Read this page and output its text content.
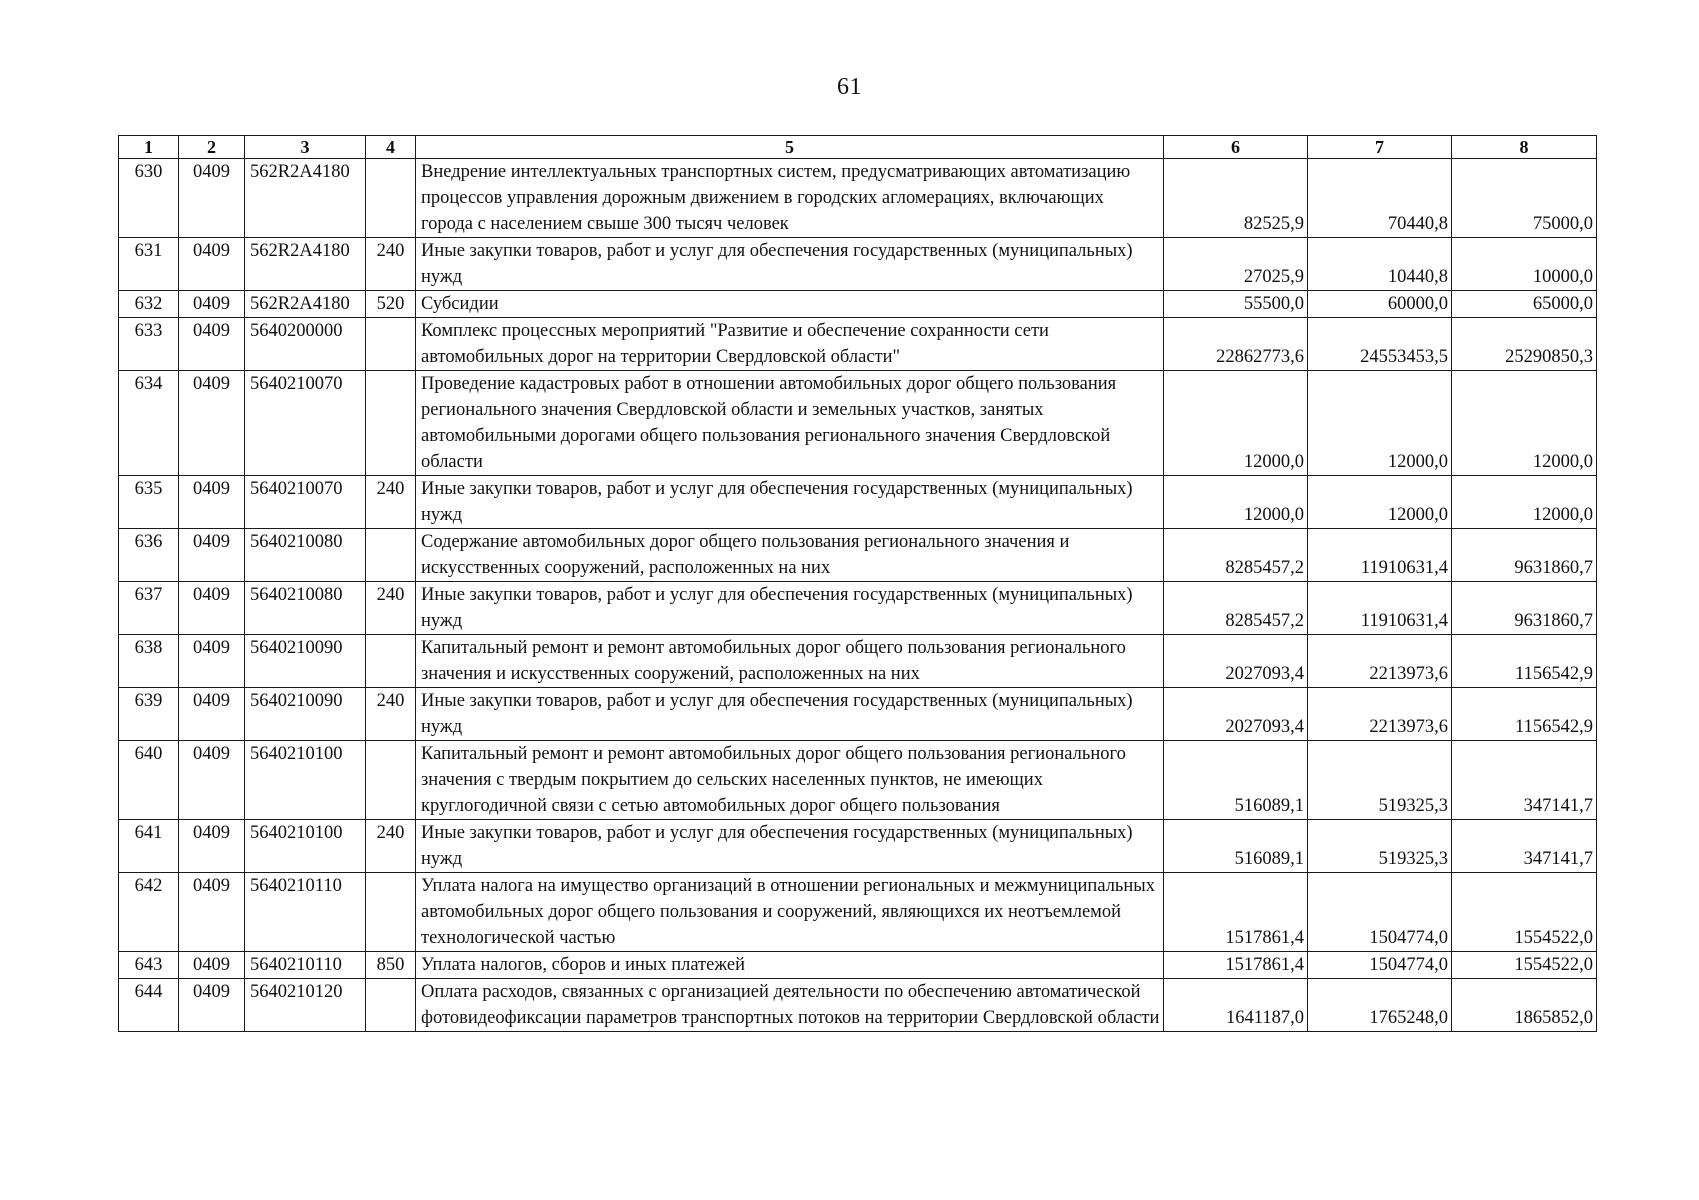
61
1	2	3	4	5	6	7	8
630	0409	562R2A4180		Внедрение интеллектуальных транспортных систем, предусматривающих автоматизацию процессов управления дорожным движением в городских агломерациях, включающих города с населением свыше 300 тысяч человек	82525,9	70440,8	75000,0
631	0409	562R2A4180	240	Иные закупки товаров, работ и услуг для обеспечения государственных (муниципальных) нужд	27025,9	10440,8	10000,0
632	0409	562R2A4180	520	Субсидии	55500,0	60000,0	65000,0
633	0409	5640200000		Комплекс процессных мероприятий "Развитие и обеспечение сохранности сети автомобильных дорог на территории Свердловской области"	22862773,6	24553453,5	25290850,3
634	0409	5640210070		Проведение кадастровых работ в отношении автомобильных дорог общего пользования регионального значения Свердловской области и земельных участков, занятых автомобильными дорогами общего пользования регионального значения Свердловской области	12000,0	12000,0	12000,0
635	0409	5640210070	240	Иные закупки товаров, работ и услуг для обеспечения государственных (муниципальных) нужд	12000,0	12000,0	12000,0
636	0409	5640210080		Содержание автомобильных дорог общего пользования регионального значения и искусственных сооружений, расположенных на них	8285457,2	11910631,4	9631860,7
637	0409	5640210080	240	Иные закупки товаров, работ и услуг для обеспечения государственных (муниципальных) нужд	8285457,2	11910631,4	9631860,7
638	0409	5640210090		Капитальный ремонт и ремонт автомобильных дорог общего пользования регионального значения и искусственных сооружений, расположенных на них	2027093,4	2213973,6	1156542,9
639	0409	5640210090	240	Иные закупки товаров, работ и услуг для обеспечения государственных (муниципальных) нужд	2027093,4	2213973,6	1156542,9
640	0409	5640210100		Капитальный ремонт и ремонт автомобильных дорог общего пользования регионального значения с твердым покрытием до сельских населенных пунктов, не имеющих круглогодичной связи с сетью автомобильных дорог общего пользования	516089,1	519325,3	347141,7
641	0409	5640210100	240	Иные закупки товаров, работ и услуг для обеспечения государственных (муниципальных) нужд	516089,1	519325,3	347141,7
642	0409	5640210110		Уплата налога на имущество организаций в отношении региональных и межмуниципальных автомобильных дорог общего пользования и сооружений, являющихся их неотъемлемой технологической частью	1517861,4	1504774,0	1554522,0
643	0409	5640210110	850	Уплата налогов, сборов и иных платежей	1517861,4	1504774,0	1554522,0
644	0409	5640210120		Оплата расходов, связанных с организацией деятельности по обеспечению автоматической фотовидеофиксации параметров транспортных потоков на территории Свердловской области	1641187,0	1765248,0	1865852,0
